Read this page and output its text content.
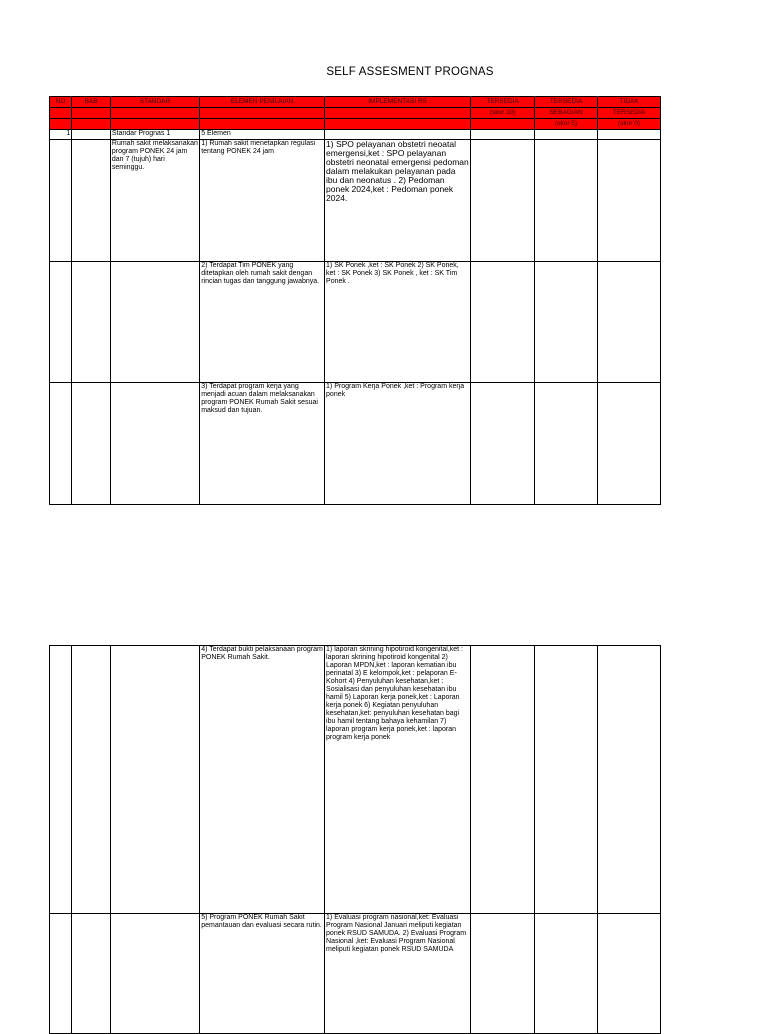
SELF ASSESMENT PROGNAS
NO	BAB	STANDAR	ELEMEN PENILAIAN	IMPLEMENTASI RS	TERSEDIA	TERSEDIA	TIDAK
					(skor 10)	SEBAGIAN	TERSEDIA
						(skor 5)	(skor 0)
1		Standar Prognas 1	5 Elemen				
		Rumah sakit melaksanakan program PONEK 24 jam dan 7 (tujuh) hari seminggu.	1) Rumah sakit menetapkan regulasi tentang PONEK 24 jam	1) SPO pelayanan obstetri neoatal emergensi,ket : SPO pelayanan obstetri neonatal emergensi pedoman dalam melakukan pelayanan pada ibu dan neonatus . 2) Pedoman ponek 2024,ket : Pedoman ponek 2024.			
			2) Terdapat Tim PONEK yang ditetapkan oleh rumah sakit dengan rincian tugas dan tanggung jawabnya.	1) SK Ponek ,ket : SK Ponek 2) SK Ponek, ket : SK Ponek 3) SK Ponek , ket : SK Tim Ponek .			
			3) Terdapat program kerja yang menjadi acuan dalam melaksanakan program PONEK Rumah Sakit sesuai maksud dan tujuan.	1) Program Kerja Ponek ,ket : Program kerja ponek			
			4) Terdapat bukti pelaksanaan program PONEK Rumah Sakit.	1) laporan skrining hipotiroid kongenital,ket : laporan skrining hipotiroid kongenital 2) Laporan MPDN,ket : laporan kematian ibu perinatal 3) E kelompok,ket : pelaporan E-Kohort 4) Penyuluhan kesehatan,ket : Sosialisasi dan penyuluhan kesehatan ibu hamil 5) Laporan kerja ponek,ket : Laporan kerja ponek 6) Kegiatan penyuluhan kesehatan,ket: penyuluhan kesehatan bagi ibu hamil tentang bahaya kehamilan 7) laporan program kerja ponek,ket : laporan program kerja ponek			
			5) Program PONEK Rumah Sakit pemantauan dan evaluasi secara rutin.	1) Evaluasi program nasional,ket: Evaluasi Program Nasional Januari meliputi kegiatan ponek RSUD SAMUDA. 2) Evaluasi Program Nasional ,ket: Evaluasi Program Nasional meliputi kegiatan ponek RSUD SAMUDA			
